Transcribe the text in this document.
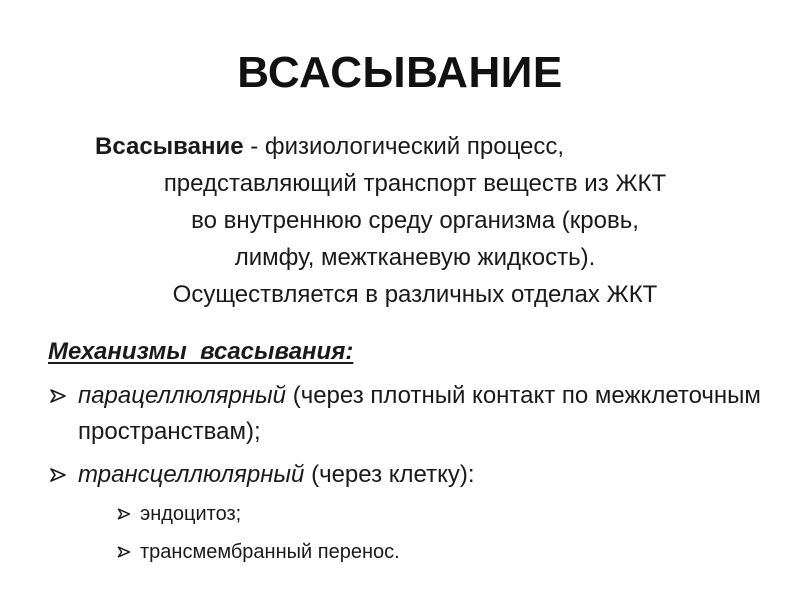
ВСАСЫВАНИЕ
Всасывание - физиологический процесс,
представляющий транспорт веществ из ЖКТ
во внутреннюю среду организма (кровь,
лимфу, межтканевую жидкость).
Осуществляется в различных отделах ЖКТ
Механизмы  всасывания:
парацеллюлярный (через плотный контакт по межклеточным  пространствам);
трансцеллюлярный (через клетку):
эндоцитоз;
трансмембранный перенос.
